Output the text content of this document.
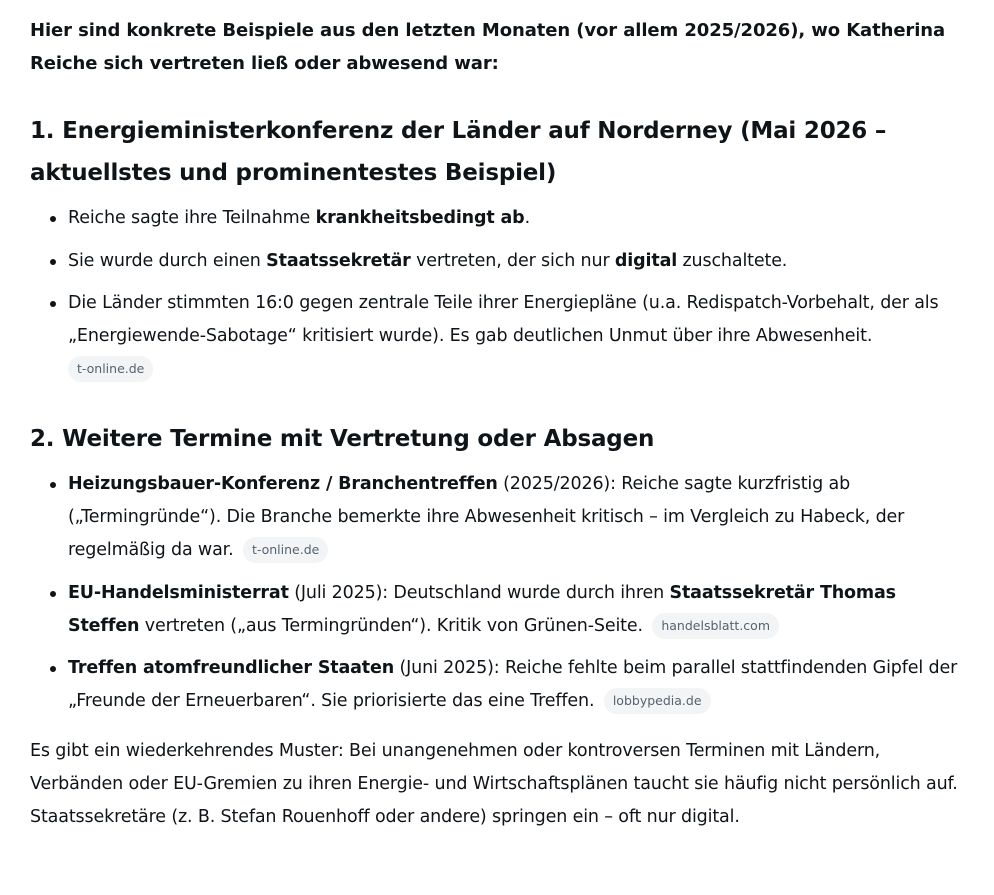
Hier sind konkrete Beispiele aus den letzten Monaten (vor allem 2025/2026), wo Katherina Reiche sich vertreten ließ oder abwesend war:

1. Energieministerkonferenz der Länder auf Norderney (Mai 2026 – aktuellstes und prominentestes Beispiel)
Reiche sagte ihre Teilnahme krankheitsbedingt ab.
Sie wurde durch einen Staatssekretär vertreten, der sich nur digital zuschaltete.
Die Länder stimmten 16:0 gegen zentrale Teile ihrer Energiepläne (u.a. Redispatch-Vorbehalt, der als „Energiewende-Sabotage“ kritisiert wurde). Es gab deutlichen Unmut über ihre Abwesenheit.
t-online.de
2. Weitere Termine mit Vertretung oder Absagen
Heizungsbauer-Konferenz / Branchentreffen (2025/2026): Reiche sagte kurzfristig ab („Termingründe“). Die Branche bemerkte ihre Abwesenheit kritisch – im Vergleich zu Habeck, der regelmäßig da war. t-online.de
EU-Handelsministerrat (Juli 2025): Deutschland wurde durch ihren Staatssekretär Thomas Steffen vertreten („aus Termingründen“). Kritik von Grünen-Seite. handelsblatt.com
Treffen atomfreundlicher Staaten (Juni 2025): Reiche fehlte beim parallel stattfindenden Gipfel der „Freunde der Erneuerbaren“. Sie priorisierte das eine Treffen. lobbypedia.de

Es gibt ein wiederkehrendes Muster: Bei unangenehmen oder kontroversen Terminen mit Ländern, Verbänden oder EU-Gremien zu ihren Energie- und Wirtschaftsplänen taucht sie häufig nicht persönlich auf. Staatssekretäre (z. B. Stefan Rouenhoff oder andere) springen ein – oft nur digital.
